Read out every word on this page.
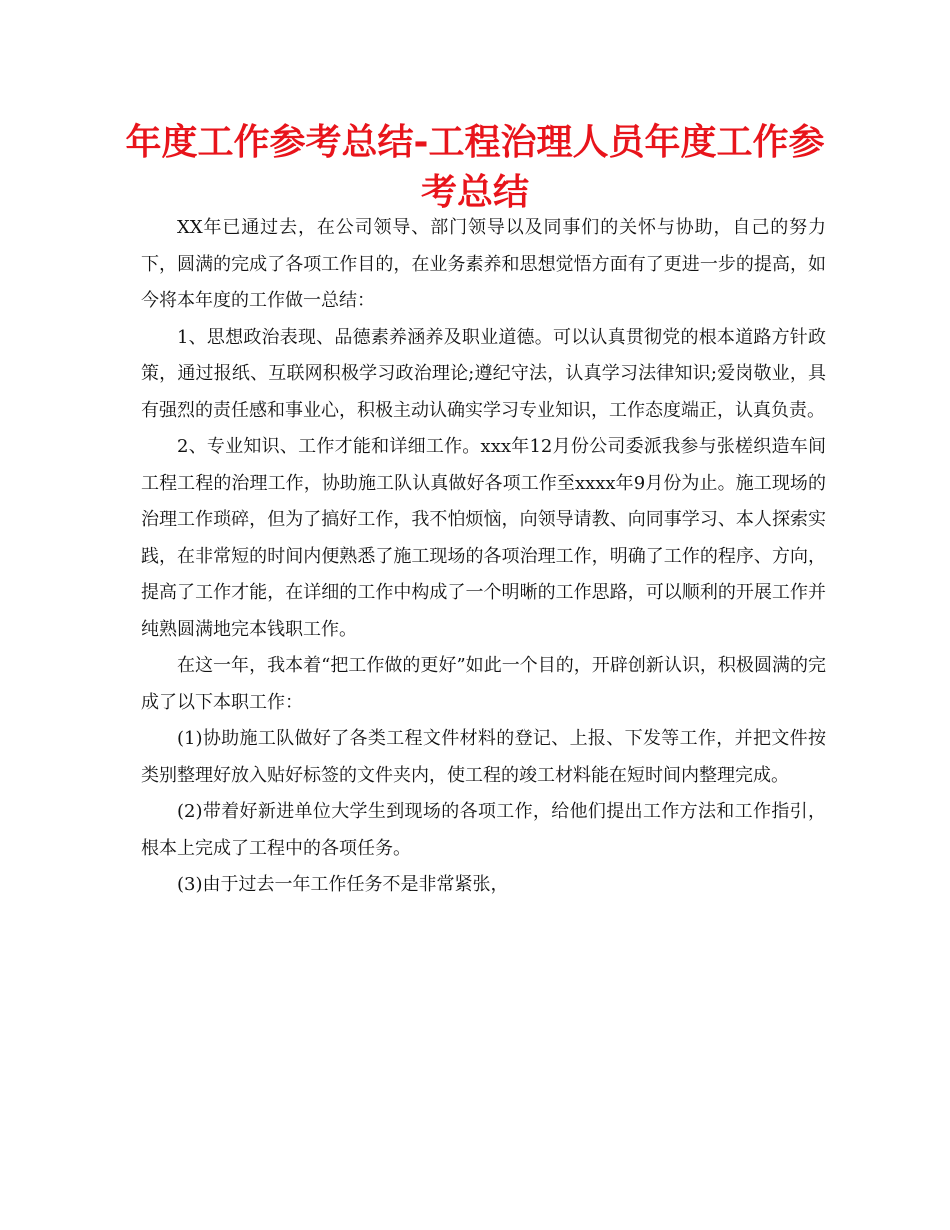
年度工作参考总结-工程治理人员年度工作参考总结

XX年已通过去，在公司领导、部门领导以及同事们的关怀与协助，自己的努力下，圆满的完成了各项工作目的，在业务素养和思想觉悟方面有了更进一步的提高，如今将本年度的工作做一总结：

1、思想政治表现、品德素养涵养及职业道德。可以认真贯彻党的根本道路方针政策，通过报纸、互联网积极学习政治理论;遵纪守法，认真学习法律知识;爱岗敬业，具有强烈的责任感和事业心，积极主动认确实学习专业知识，工作态度端正，认真负责。

2、专业知识、工作才能和详细工作。xxx年12月份公司委派我参与张槎织造车间工程工程的治理工作，协助施工队认真做好各项工作至xxxx年9月份为止。施工现场的治理工作琐碎，但为了搞好工作，我不怕烦恼，向领导请教、向同事学习、本人探索实践，在非常短的时间内便熟悉了施工现场的各项治理工作，明确了工作的程序、方向，提高了工作才能，在详细的工作中构成了一个明晰的工作思路，可以顺利的开展工作并纯熟圆满地完本钱职工作。

在这一年，我本着“把工作做的更好”如此一个目的，开辟创新认识，积极圆满的完成了以下本职工作：

(1)协助施工队做好了各类工程文件材料的登记、上报、下发等工作，并把文件按类别整理好放入贴好标签的文件夹内，使工程的竣工材料能在短时间内整理完成。

(2)带着好新进单位大学生到现场的各项工作，给他们提出工作方法和工作指引，根本上完成了工程中的各项任务。

(3)由于过去一年工作任务不是非常紧张，
